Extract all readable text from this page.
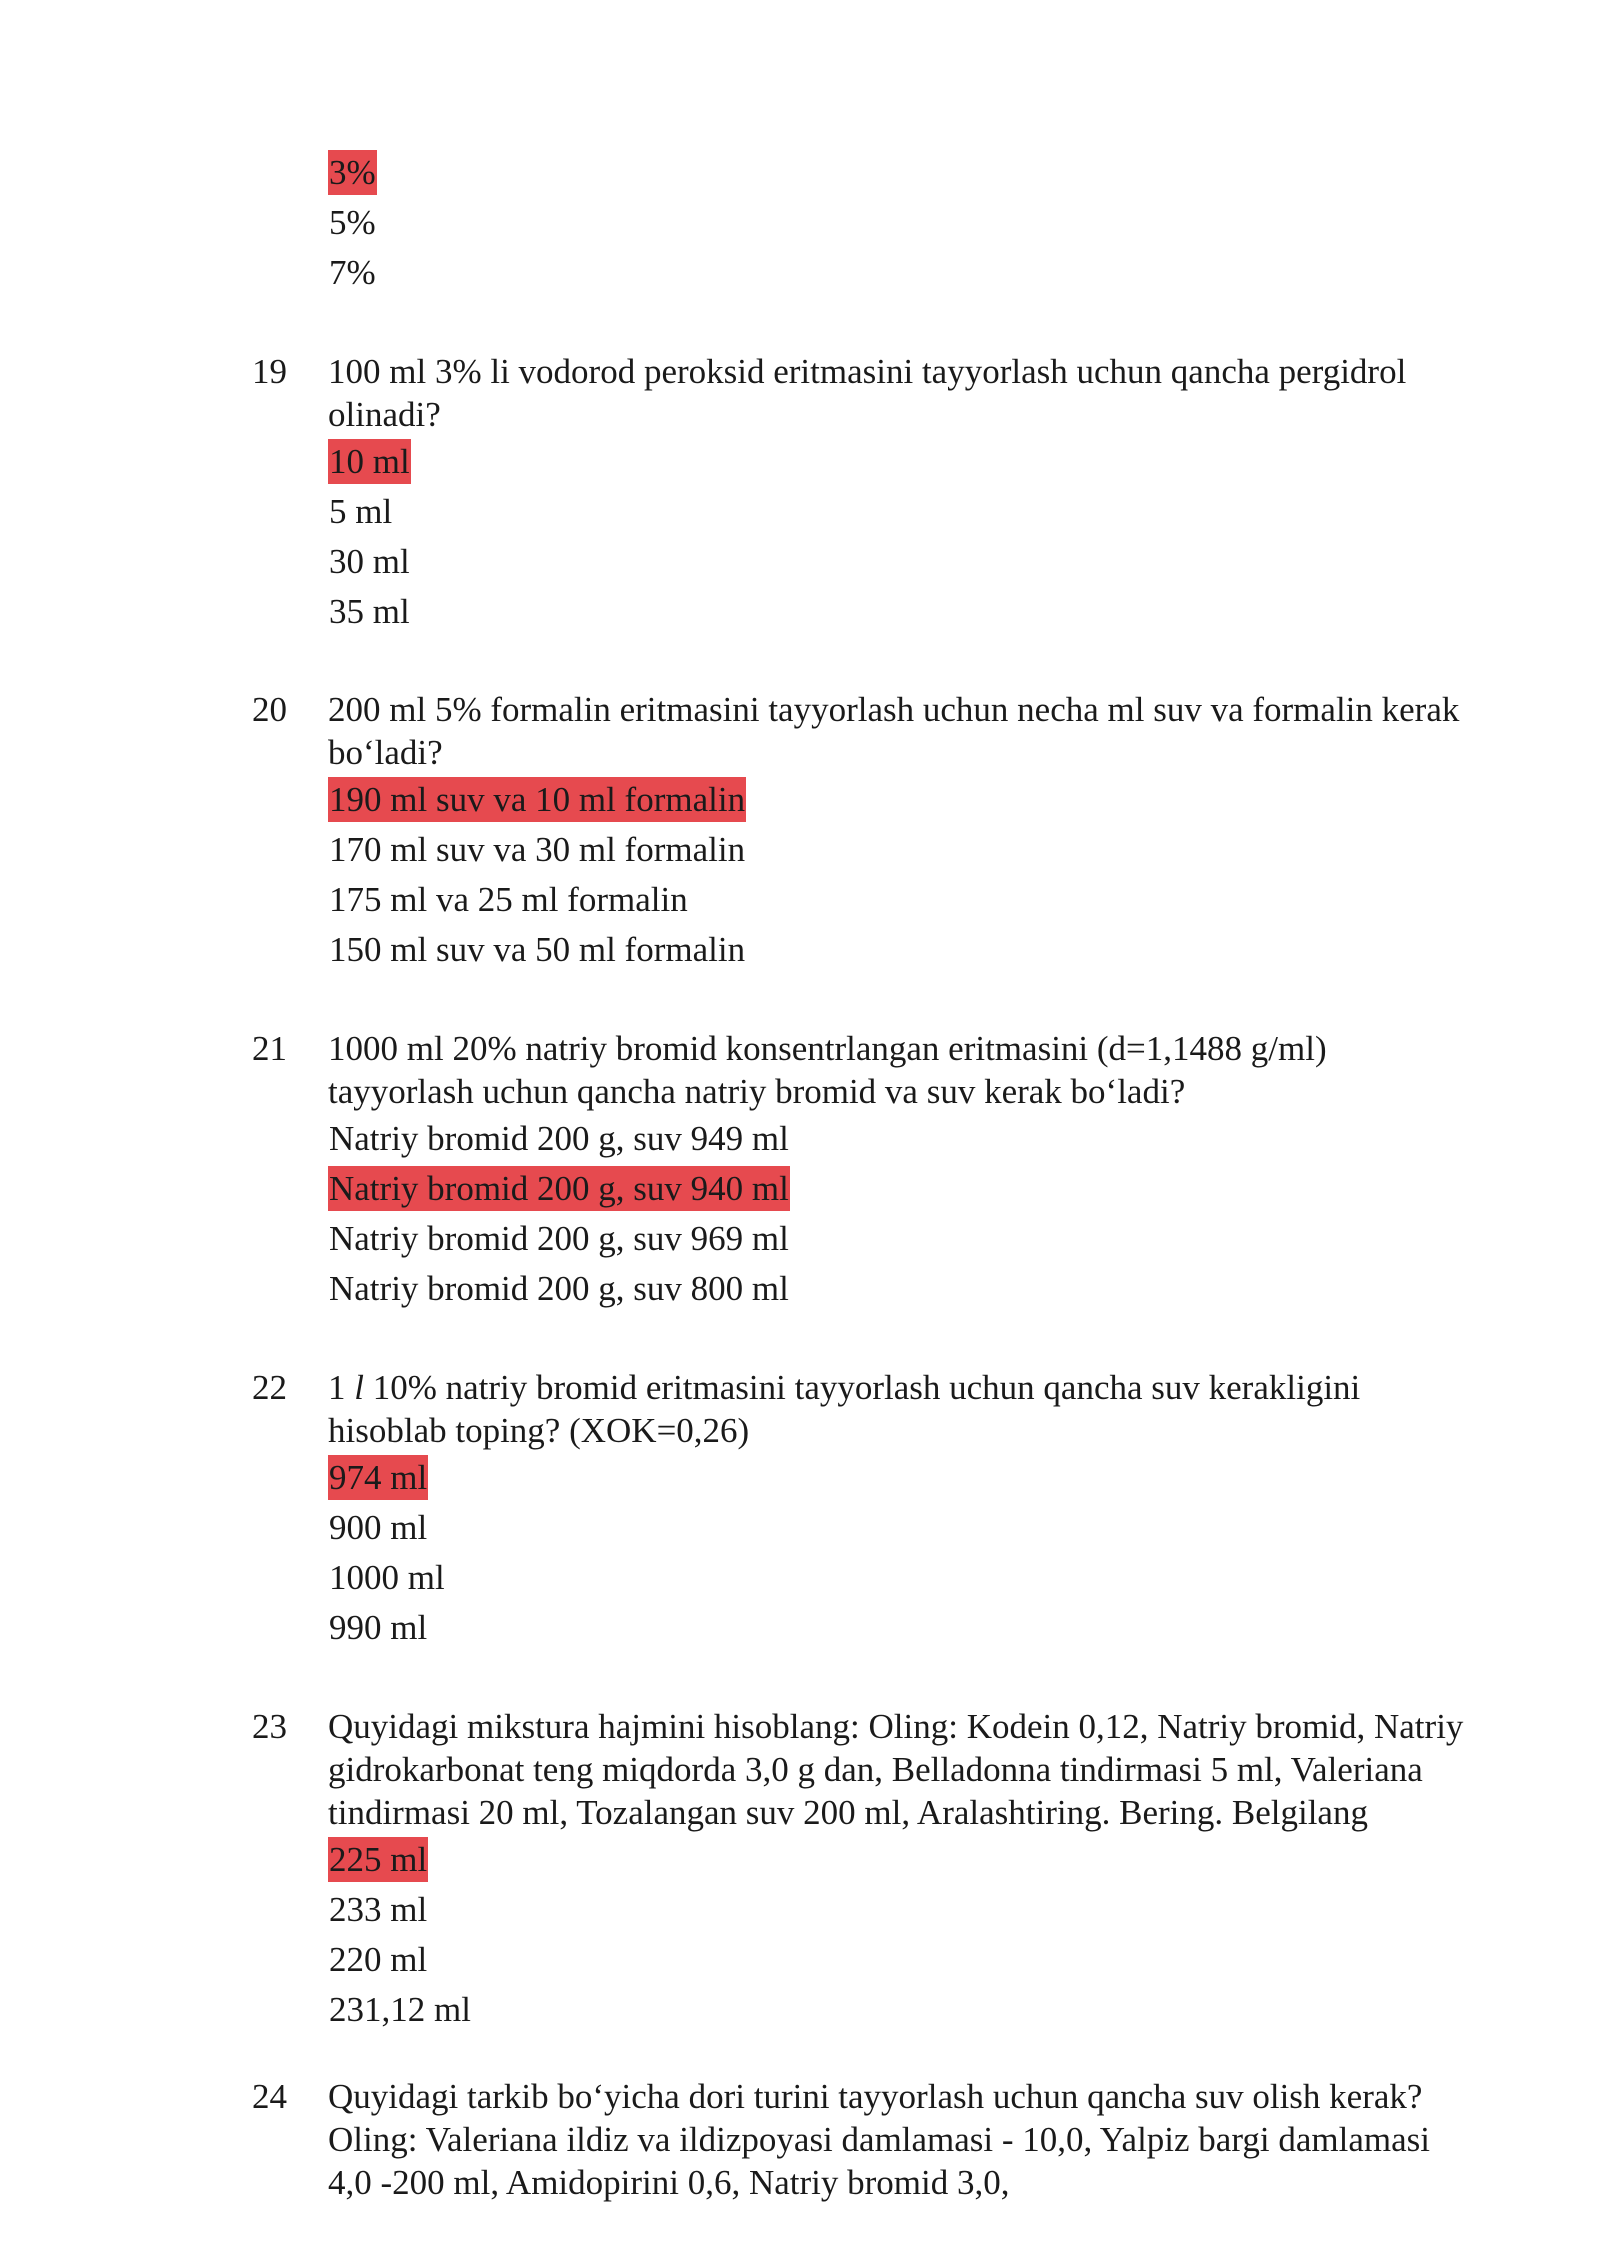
3%
5%
7%
19	100 ml 3% li vodorod peroksid eritmasini tayyorlash uchun qancha pergidrol olinadi?

10 ml
5 ml
30 ml
35 ml
20	200 ml 5% formalin eritmasini tayyorlash uchun necha ml suv va formalin kerak bo‘ladi?

190 ml suv va 10 ml formalin
170 ml suv va 30 ml formalin
175 ml va 25 ml formalin
150 ml suv va 50 ml formalin
21	1000 ml 20% natriy bromid konsentrlangan eritmasini (d=1,1488 g/ml) tayyorlash uchun qancha natriy bromid va suv kerak bo‘ladi?

Natriy bromid 200 g, suv 949 ml
Natriy bromid 200 g, suv 940 ml
Natriy bromid 200 g, suv 969 ml
Natriy bromid 200 g, suv 800 ml
22	1 l 10% natriy bromid eritmasini tayyorlash uchun qancha suv kerakligini hisoblab toping? (XOK=0,26)

974 ml
900 ml
1000 ml
990 ml
23	Quyidagi mikstura hajmini hisoblang: Oling: Kodein 0,12, Natriy bromid, Natriy gidrokarbonat teng miqdorda 3,0 g dan, Belladonna tindirmasi 5 ml, Valeriana tindirmasi 20 ml, Tozalangan suv 200 ml, Aralashtiring. Bering. Belgilang

225 ml
233 ml
220 ml
231,12 ml
24	Quyidagi tarkib bo‘yicha dori turini tayyorlash uchun qancha suv olish kerak? Oling: Valeriana ildiz va ildizpoyasi damlamasi - 10,0, Yalpiz bargi damlamasi 4,0 -200 ml, Amidopirini 0,6, Natriy bromid 3,0,
